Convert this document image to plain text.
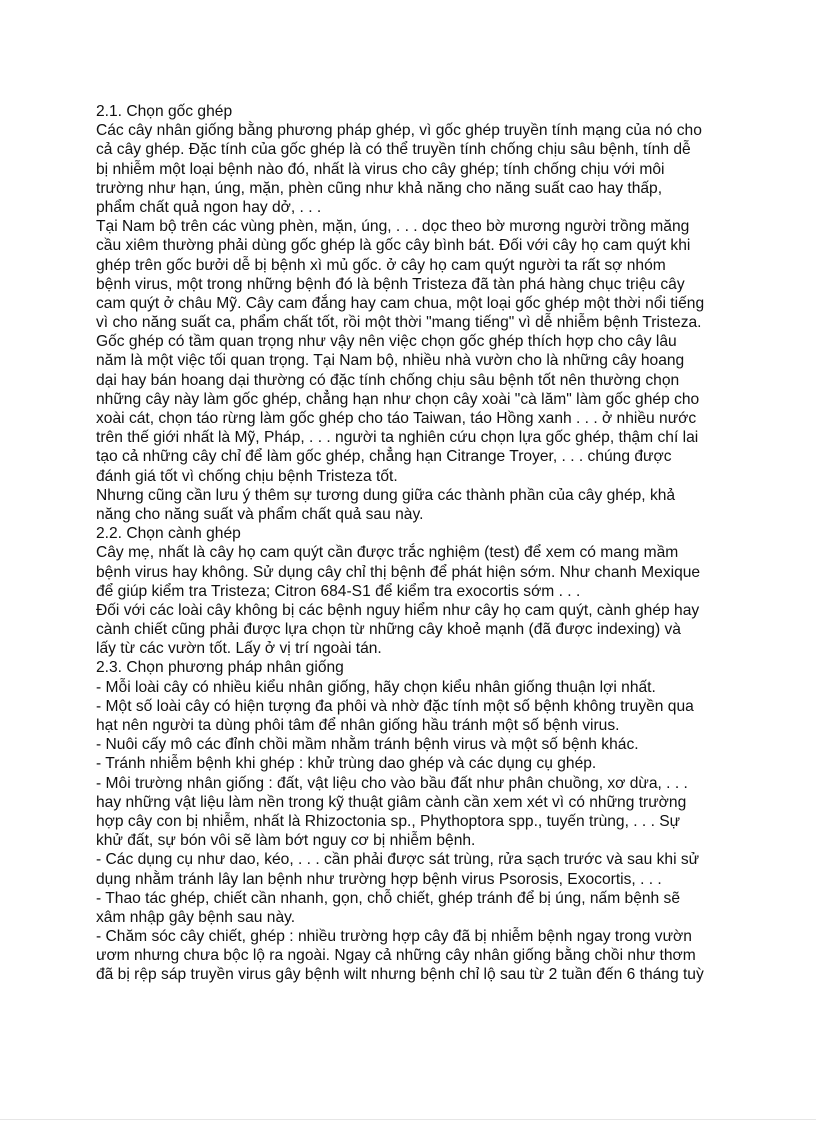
2.1. Chọn gốc ghép
Các cây nhân giống bằng phương pháp ghép, vì gốc ghép truyền tính mạng của nó cho
cả cây ghép. Đặc tính của gốc ghép là có thể truyền tính chống chịu sâu bệnh, tính dễ
bị nhiễm một loại bệnh nào đó, nhất là virus cho cây ghép; tính chống chịu với môi
trường như hạn, úng, mặn, phèn cũng như khả năng cho năng suất cao hay thấp,
phẩm chất quả ngon hay dở, . . .
Tại Nam bộ trên các vùng phèn, mặn, úng, . . . dọc theo bờ mương người trồng măng
cầu xiêm thường phải dùng gốc ghép là gốc cây bình bát. Đối với cây họ cam quýt khi
ghép trên gốc bưởi dễ bị bệnh xì mủ gốc. ở cây họ cam quýt người ta rất sợ nhóm
bệnh virus, một trong những bệnh đó là bệnh Tristeza đã tàn phá hàng chục triệu cây
cam quýt ở châu Mỹ. Cây cam đắng hay cam chua, một loại gốc ghép một thời nổi tiếng
vì cho năng suất ca, phẩm chất tốt, rồi một thời "mang tiếng" vì dễ nhiễm bệnh Tristeza.
Gốc ghép có tầm quan trọng như vậy nên việc chọn gốc ghép thích hợp cho cây lâu
năm là một việc tối quan trọng. Tại Nam bộ, nhiều nhà vườn cho là những cây hoang
dại hay bán hoang dại thường có đặc tính chống chịu sâu bệnh tốt nên thường chọn
những cây này làm gốc ghép, chẳng hạn như chọn cây xoài "cà lăm" làm gốc ghép cho
xoài cát, chọn táo rừng làm gốc ghép cho táo Taiwan, táo Hồng xanh . . . ở nhiều nước
trên thế giới nhất là Mỹ, Pháp, . . . người ta nghiên cứu chọn lựa gốc ghép, thậm chí lai
tạo cả những cây chỉ để làm gốc ghép, chẳng hạn Citrange Troyer, . . . chúng được
đánh giá tốt vì chống chịu bệnh Tristeza tốt.
Nhưng cũng cần lưu ý thêm sự tương dung giữa các thành phần của cây ghép, khả
năng cho năng suất và phẩm chất quả sau này.
2.2. Chọn cành ghép
Cây mẹ, nhất là cây họ cam quýt cần được trắc nghiệm (test) để xem có mang mầm
bệnh virus hay không. Sử dụng cây chỉ thị bệnh để phát hiện sớm. Như chanh Mexique
để giúp kiểm tra Tristeza; Citron 684-S1 để kiểm tra exocortis sớm . . .
Đối với các loài cây không bị các bệnh nguy hiểm như cây họ cam quýt, cành ghép hay
cành chiết cũng phải được lựa chọn từ những cây khoẻ mạnh (đã được indexing) và
lấy từ các vườn tốt. Lấy ở vị trí ngoài tán.
2.3. Chọn phương pháp nhân giống
- Mỗi loài cây có nhiều kiểu nhân giống, hãy chọn kiểu nhân giống thuận lợi nhất.
- Một số loài cây có hiện tượng đa phôi và nhờ đặc tính một số bệnh không truyền qua
hạt nên người ta dùng phôi tâm để nhân giống hầu tránh một số bệnh virus.
- Nuôi cấy mô các đỉnh chồi mầm nhằm tránh bệnh virus và một số bệnh khác.
- Tránh nhiễm bệnh khi ghép : khử trùng dao ghép và các dụng cụ ghép.
- Môi trường nhân giống : đất, vật liệu cho vào bầu đất như phân chuồng, xơ dừa, . . .
hay những vật liệu làm nền trong kỹ thuật giâm cành cần xem xét vì có những trường
hợp cây con bị nhiễm, nhất là Rhizoctonia sp., Phythoptora spp., tuyến trùng, . . . Sự
khử đất, sự bón vôi sẽ làm bớt nguy cơ bị nhiễm bệnh.
- Các dụng cụ như dao, kéo, . . . cần phải được sát trùng, rửa sạch trước và sau khi sử
dụng nhằm tránh lây lan bệnh như trường hợp bệnh virus Psorosis, Exocortis, . . .
- Thao tác ghép, chiết cần nhanh, gọn, chỗ chiết, ghép tránh để bị úng, nấm bệnh sẽ
xâm nhập gây bệnh sau này.
- Chăm sóc cây chiết, ghép : nhiều trường hợp cây đã bị nhiễm bệnh ngay trong vườn
ươm nhưng chưa bộc lộ ra ngoài. Ngay cả những cây nhân giống bằng chồi như thơm
đã bị rệp sáp truyền virus gây bệnh wilt nhưng bệnh chỉ lộ sau từ 2 tuần đến 6 tháng tuỳ
